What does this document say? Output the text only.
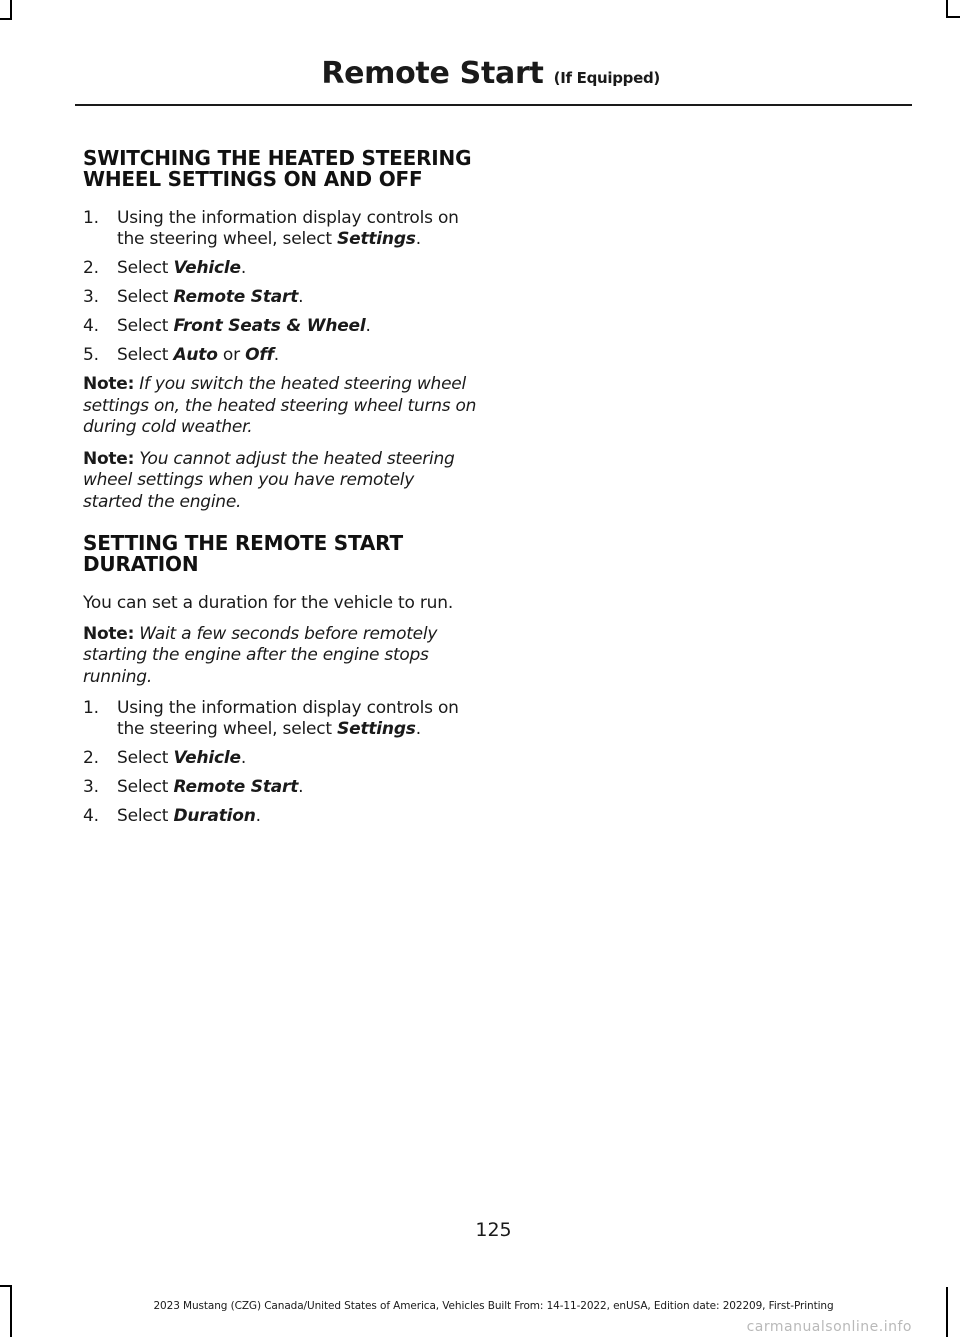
Remote Start (If Equipped)
SWITCHING THE HEATED STEERING WHEEL SETTINGS ON AND OFF
1. Using the information display controls on the steering wheel, select Settings.
2. Select Vehicle.
3. Select Remote Start.
4. Select Front Seats & Wheel.
5. Select Auto or Off.

Note: If you switch the heated steering wheel settings on, the heated steering wheel turns on during cold weather.

Note: You cannot adjust the heated steering wheel settings when you have remotely started the engine.

SETTING THE REMOTE START DURATION

You can set a duration for the vehicle to run.

Note: Wait a few seconds before remotely starting the engine after the engine stops running.

1. Using the information display controls on the steering wheel, select Settings.
2. Select Vehicle.
3. Select Remote Start.
4. Select Duration.
125
2023 Mustang (CZG) Canada/United States of America, Vehicles Built From: 14-11-2022, enUSA, Edition date: 202209, First-Printing
carmanualsonline.info
